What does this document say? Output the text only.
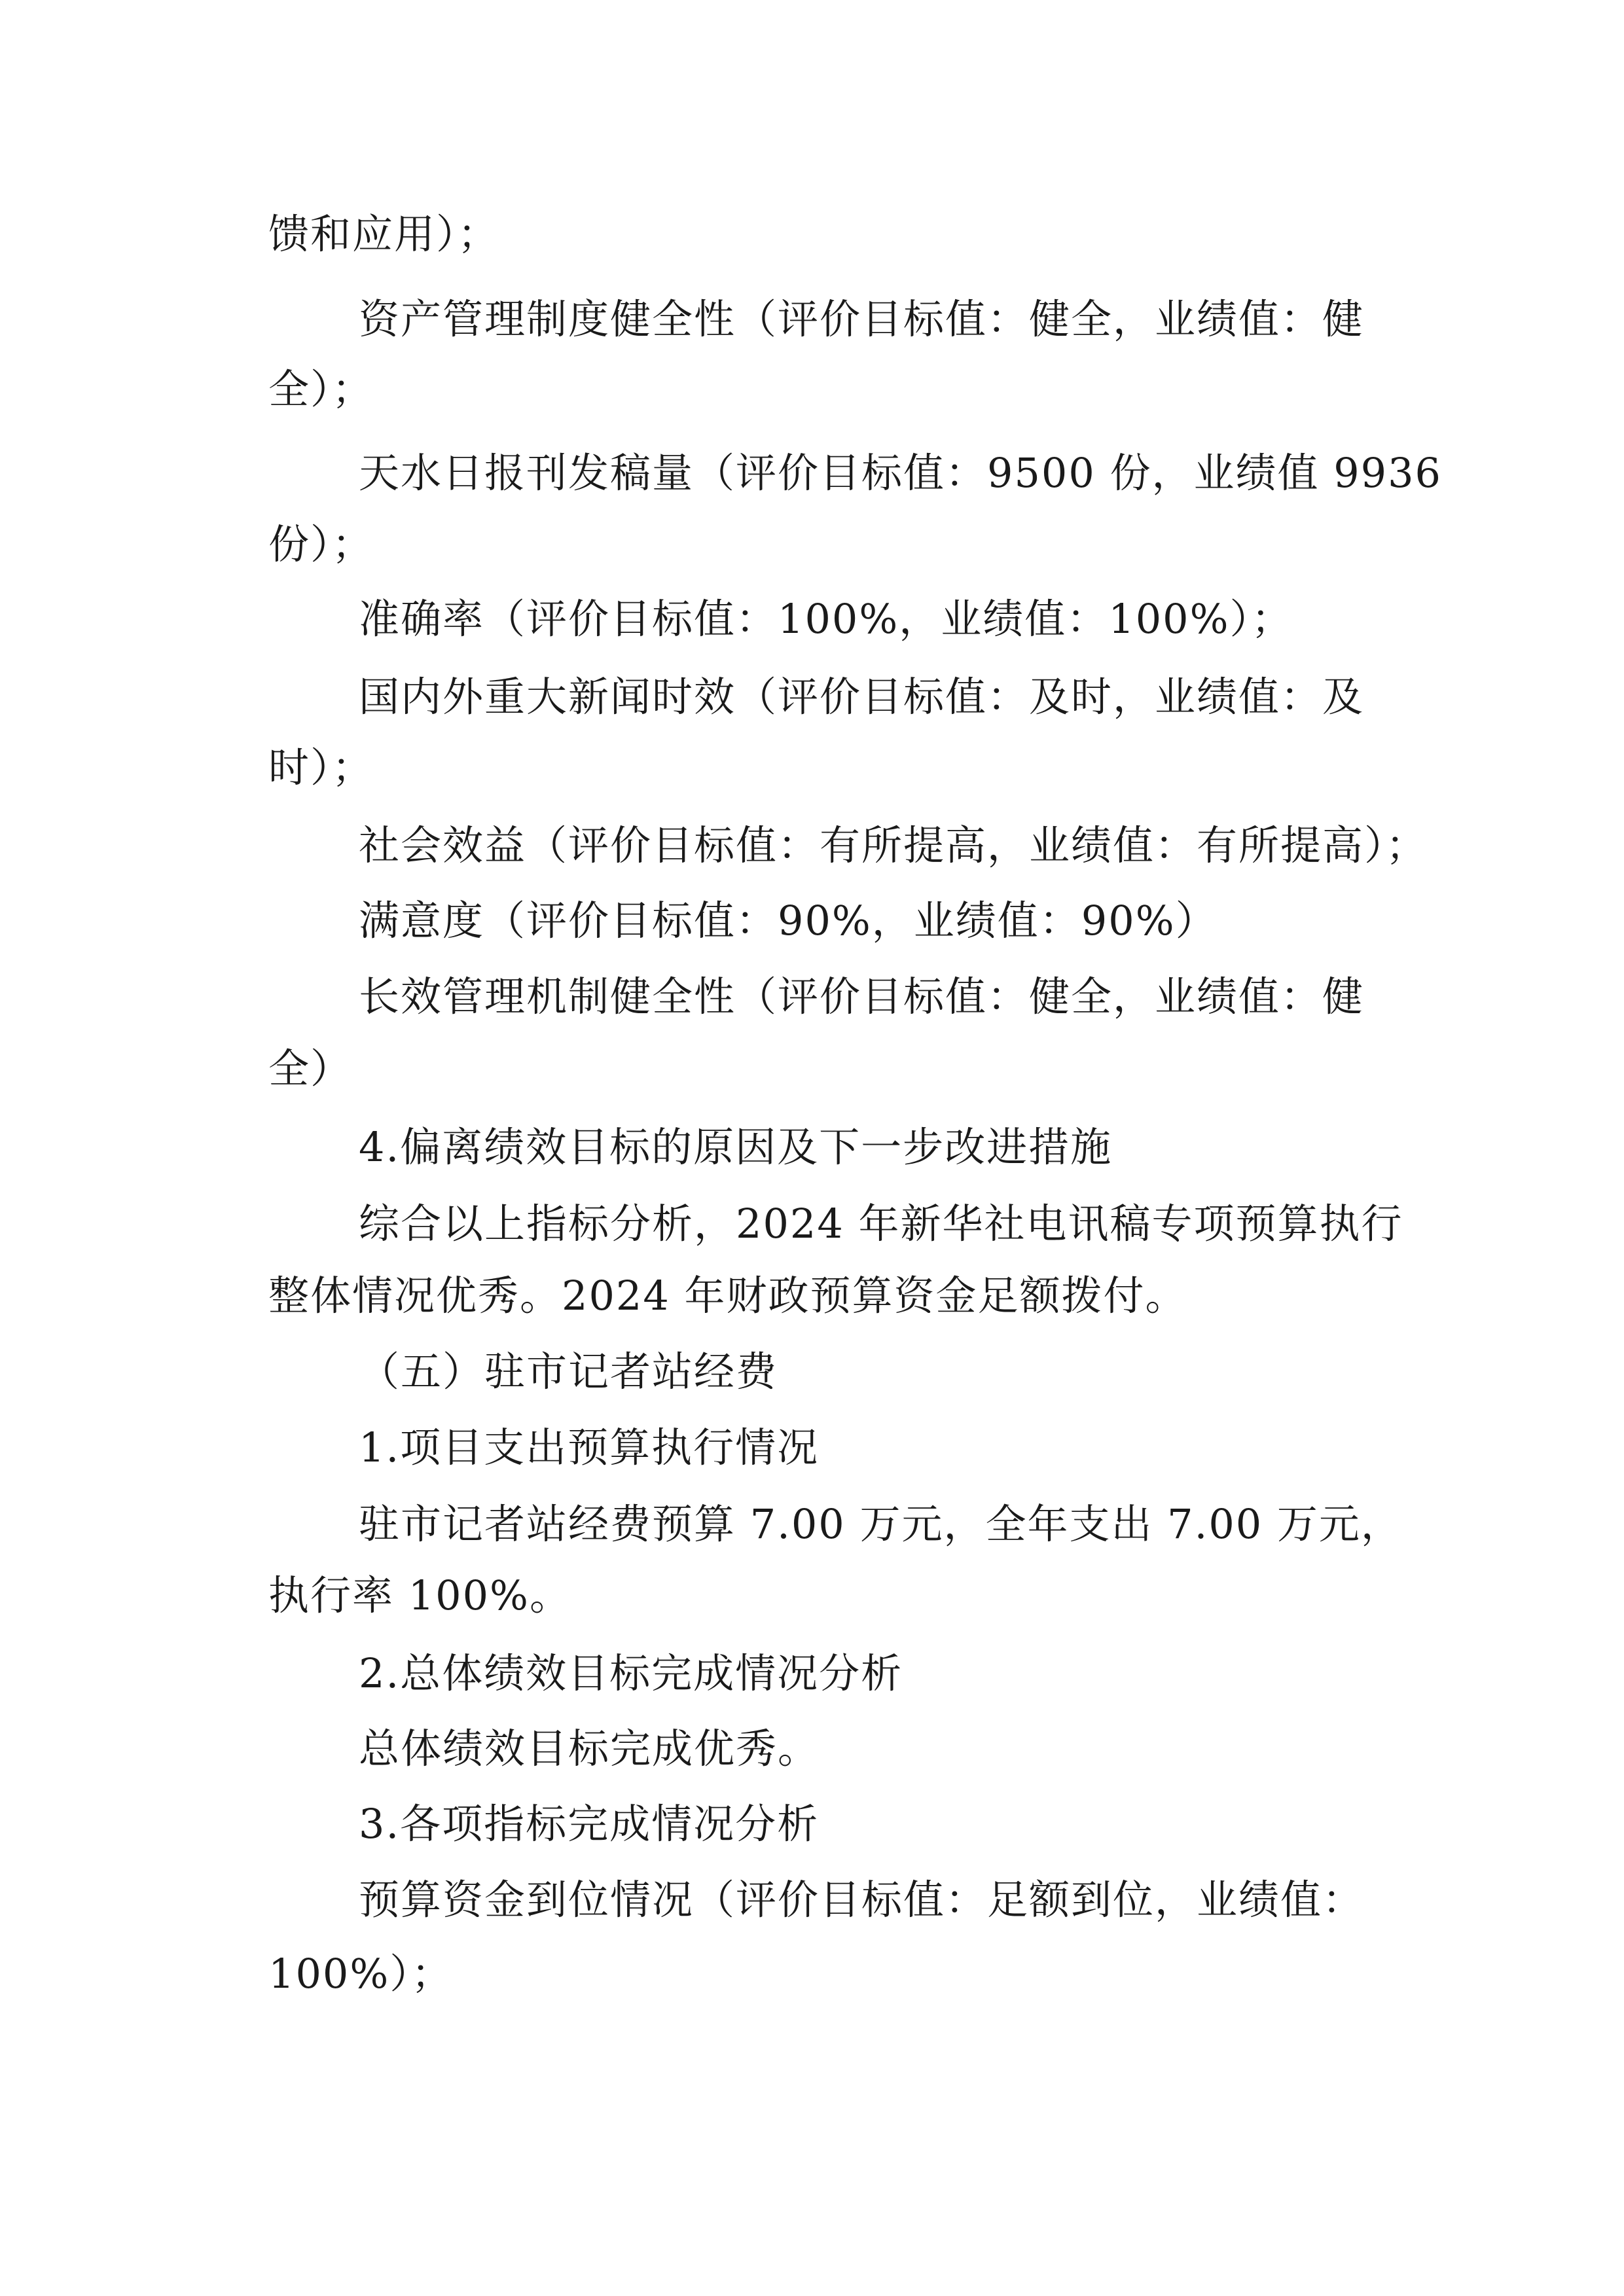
馈和应用）；
资产管理制度健全性（评价目标值：健全，业绩值：健
全）；
天水日报刊发稿量（评价目标值：9500 份，业绩值 9936
份）；
准确率（评价目标值：100%，业绩值：100%）；
国内外重大新闻时效（评价目标值：及时，业绩值：及
时）；
社会效益（评价目标值：有所提高，业绩值：有所提高）；
满意度（评价目标值：90%，业绩值：90%）
长效管理机制健全性（评价目标值：健全，业绩值：健
全）
4.偏离绩效目标的原因及下一步改进措施
综合以上指标分析，2024 年新华社电讯稿专项预算执行
整体情况优秀。2024 年财政预算资金足额拨付。
（五）驻市记者站经费
1.项目支出预算执行情况
驻市记者站经费预算 7.00 万元，全年支出 7.00 万元，
执行率 100%。
2.总体绩效目标完成情况分析
总体绩效目标完成优秀。
3.各项指标完成情况分析
预算资金到位情况（评价目标值：足额到位，业绩值：
100%）；
